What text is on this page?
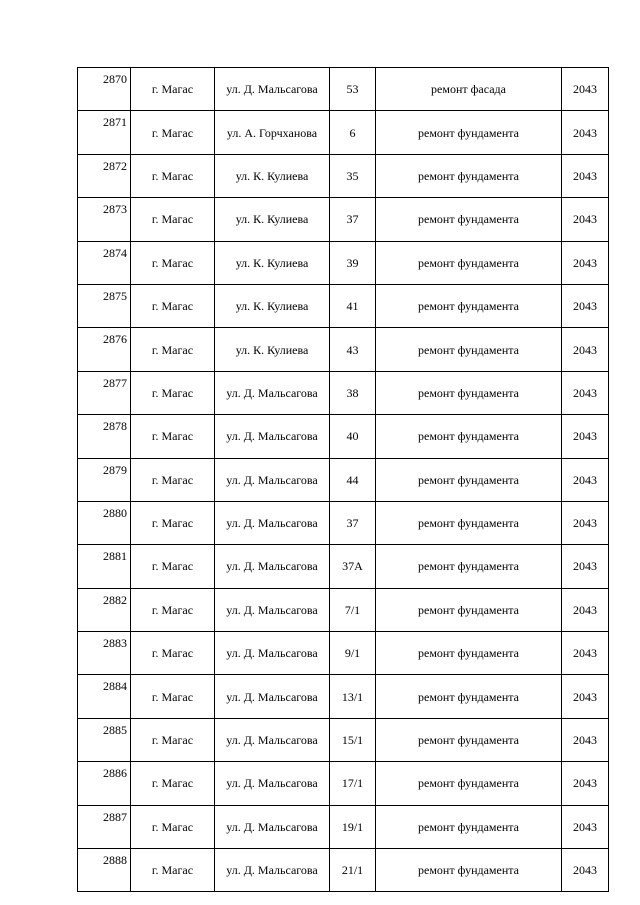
2870	г. Магас	ул. Д. Мальсагова	53	ремонт фасада	2043
2871	г. Магас	ул. А. Горчханова	6	ремонт фундамента	2043
2872	г. Магас	ул. К. Кулиева	35	ремонт фундамента	2043
2873	г. Магас	ул. К. Кулиева	37	ремонт фундамента	2043
2874	г. Магас	ул. К. Кулиева	39	ремонт фундамента	2043
2875	г. Магас	ул. К. Кулиева	41	ремонт фундамента	2043
2876	г. Магас	ул. К. Кулиева	43	ремонт фундамента	2043
2877	г. Магас	ул. Д. Мальсагова	38	ремонт фундамента	2043
2878	г. Магас	ул. Д. Мальсагова	40	ремонт фундамента	2043
2879	г. Магас	ул. Д. Мальсагова	44	ремонт фундамента	2043
2880	г. Магас	ул. Д. Мальсагова	37	ремонт фундамента	2043
2881	г. Магас	ул. Д. Мальсагова	37А	ремонт фундамента	2043
2882	г. Магас	ул. Д. Мальсагова	7/1	ремонт фундамента	2043
2883	г. Магас	ул. Д. Мальсагова	9/1	ремонт фундамента	2043
2884	г. Магас	ул. Д. Мальсагова	13/1	ремонт фундамента	2043
2885	г. Магас	ул. Д. Мальсагова	15/1	ремонт фундамента	2043
2886	г. Магас	ул. Д. Мальсагова	17/1	ремонт фундамента	2043
2887	г. Магас	ул. Д. Мальсагова	19/1	ремонт фундамента	2043
2888	г. Магас	ул. Д. Мальсагова	21/1	ремонт фундамента	2043
